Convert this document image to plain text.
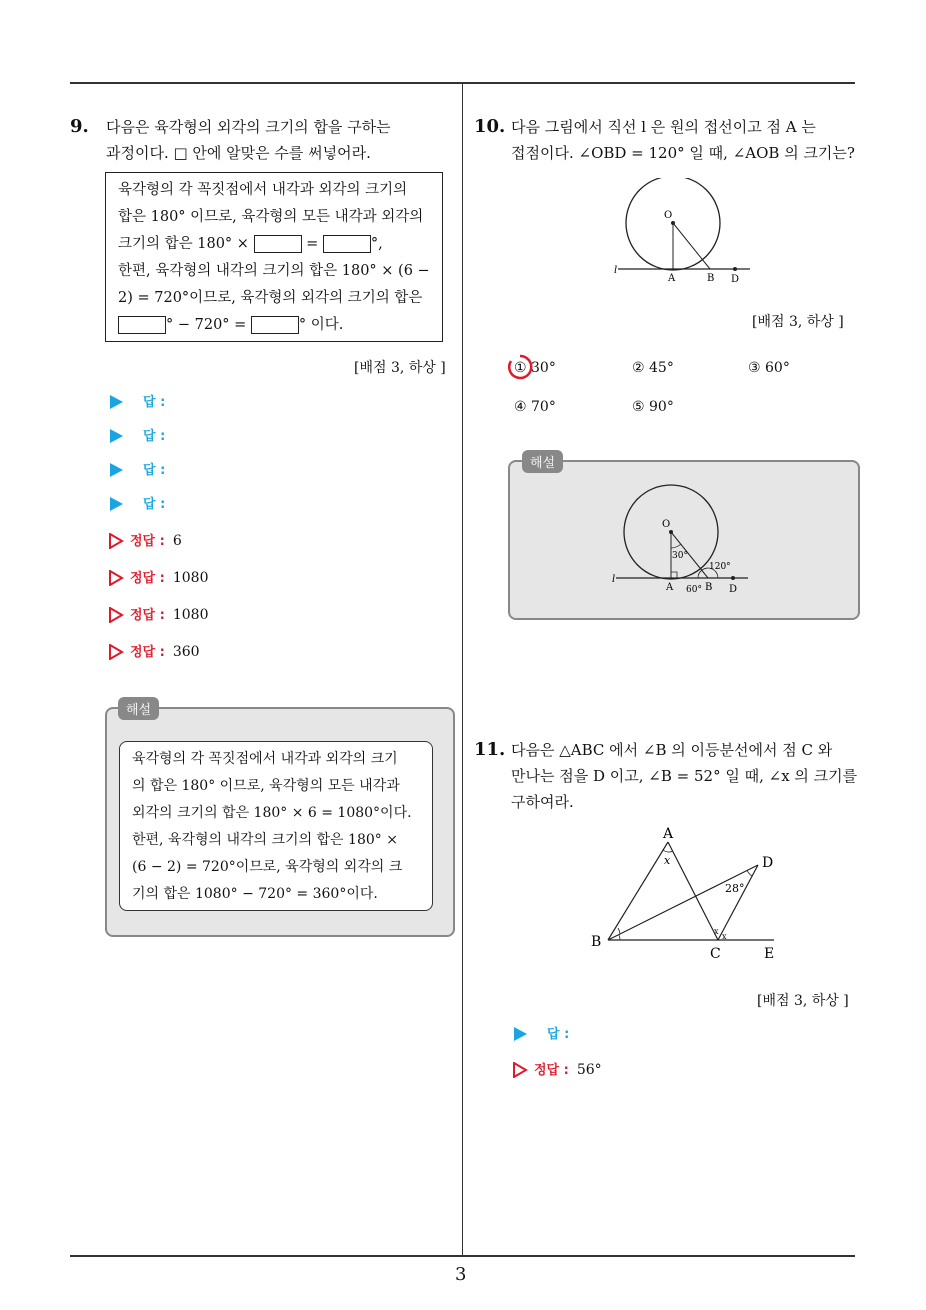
9. 다음은 육각형의 외각의 크기의 합을 구하는
과정이다. □ 안에 알맞은 수를 써넣어라.
육각형의 각 꼭짓점에서 내각과 외각의 크기의
합은 180° 이므로, 육각형의 모든 내각과 외각의
크기의 합은 180° ×	=	°,
한편, 육각형의 내각의 크기의 합은 180° × (6 −
2) = 720°이므로, 육각형의 외각의 크기의 합은
° − 720° =	° 이다.
[배점 3, 하상 ]
답 :
답 :
답 :
답 :
정답 : 6
정답 : 1080
정답 : 1080
정답 : 360
육각형의 각 꼭짓점에서 내각과 외각의 크기
의 합은 180° 이므로, 육각형의 모든 내각과
외각의 크기의 합은 180° × 6 = 1080°이다.
한편, 육각형의 내각의 크기의 합은 180° ×
(6 − 2) = 720°이므로, 육각형의 외각의 크
기의 합은 1080° − 720° = 360°이다.
해설
10. 다음 그림에서 직선 l 은 원의 접선이고 점 A 는
접점이다. ∠OBD = 120° 일 때, ∠AOB 의 크기는?
O
l
A	B D
[배점 3, 하상 ]
① 30°	② 45°	③ 60°
④ 70°	⑤ 90°
O
l
A	B D
30°
120°
60°
해설
11. 다음은 △ABC 에서 ∠B 의 이등분선에서 점 C 와
만나는 점을 D 이고, ∠B = 52° 일 때, ∠x 의 크기를
구하여라.
A
B
C
D
E
x
28°
x
x
[배점 3, 하상 ]
답 :
정답 : 56°
3
